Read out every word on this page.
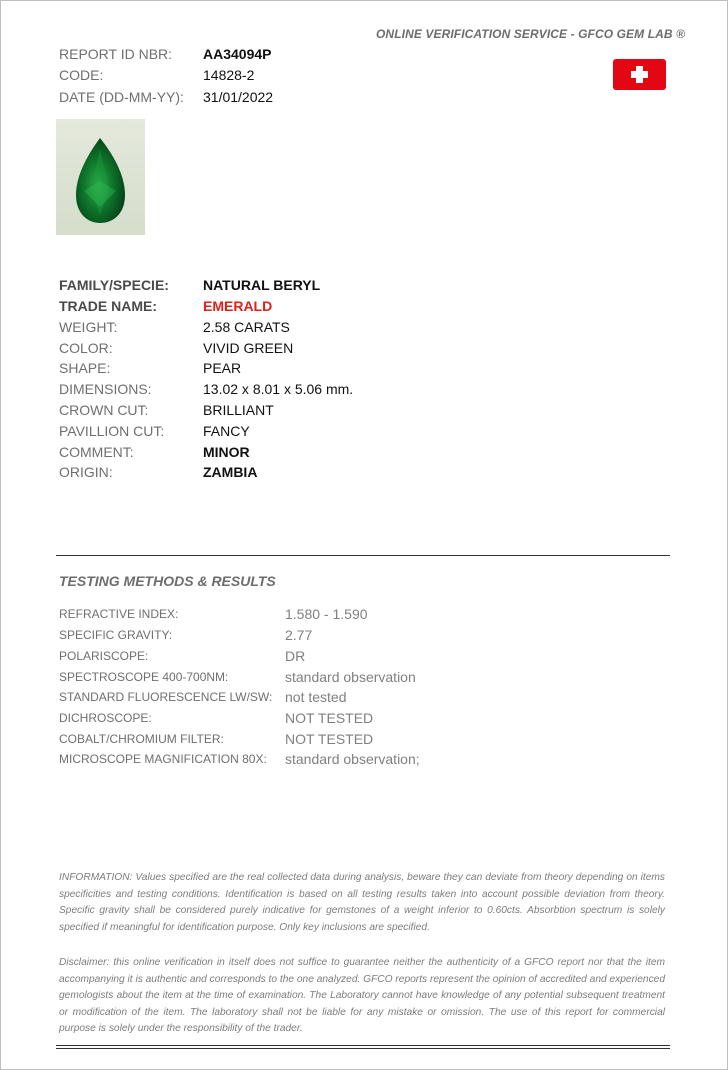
ONLINE VERIFICATION SERVICE - GFCO GEM LAB ®
REPORT ID NBR: AA34094P
CODE:	14828-2
DATE (DD-MM-YY): 31/01/2022
FAMILY/SPECIE: NATURAL BERYL
TRADE NAME:	EMERALD
WEIGHT:	2.58 CARATS
COLOR:	VIVID GREEN
SHAPE:	PEAR
DIMENSIONS:	13.02 x 8.01 x 5.06 mm.
CROWN CUT:	BRILLIANT
PAVILLION CUT:	FANCY
COMMENT:	MINOR
ORIGIN:	ZAMBIA
TESTING METHODS & RESULTS
REFRACTIVE INDEX:	1.580 - 1.590
SPECIFIC GRAVITY:	2.77
POLARISCOPE:	DR
SPECTROSCOPE 400-700NM:	standard observation
STANDARD FLUORESCENCE LW/SW: not tested
DICHROSCOPE:	NOT TESTED
COBALT/CHROMIUM FILTER:	NOT TESTED
MICROSCOPE MAGNIFICATION 80X: standard observation;
INFORMATION: Values specified are the real collected data during analysis, beware they can deviate from theory depending on items specificities and testing conditions. Identification is based on all testing results taken into account possible deviation from theory. Specific gravity shall be considered purely indicative for gemstones of a weight inferior to 0.60cts. Absorbtion spectrum is solely specified if meaningful for identification purpose. Only key inclusions are specified.
Disclaimer: this online verification in itself does not suffice to guarantee neither the authenticity of a GFCO report nor that the item accompanying it is authentic and corresponds to the one analyzed. GFCO reports represent the opinion of accredited and experienced gemologists about the item at the time of examination. The Laboratory cannot have knowledge of any potential subsequent treatment or modification of the item. The laboratory shall not be liable for any mistake or omission. The use of this report for commercial purpose is solely under the responsibility of the trader.
